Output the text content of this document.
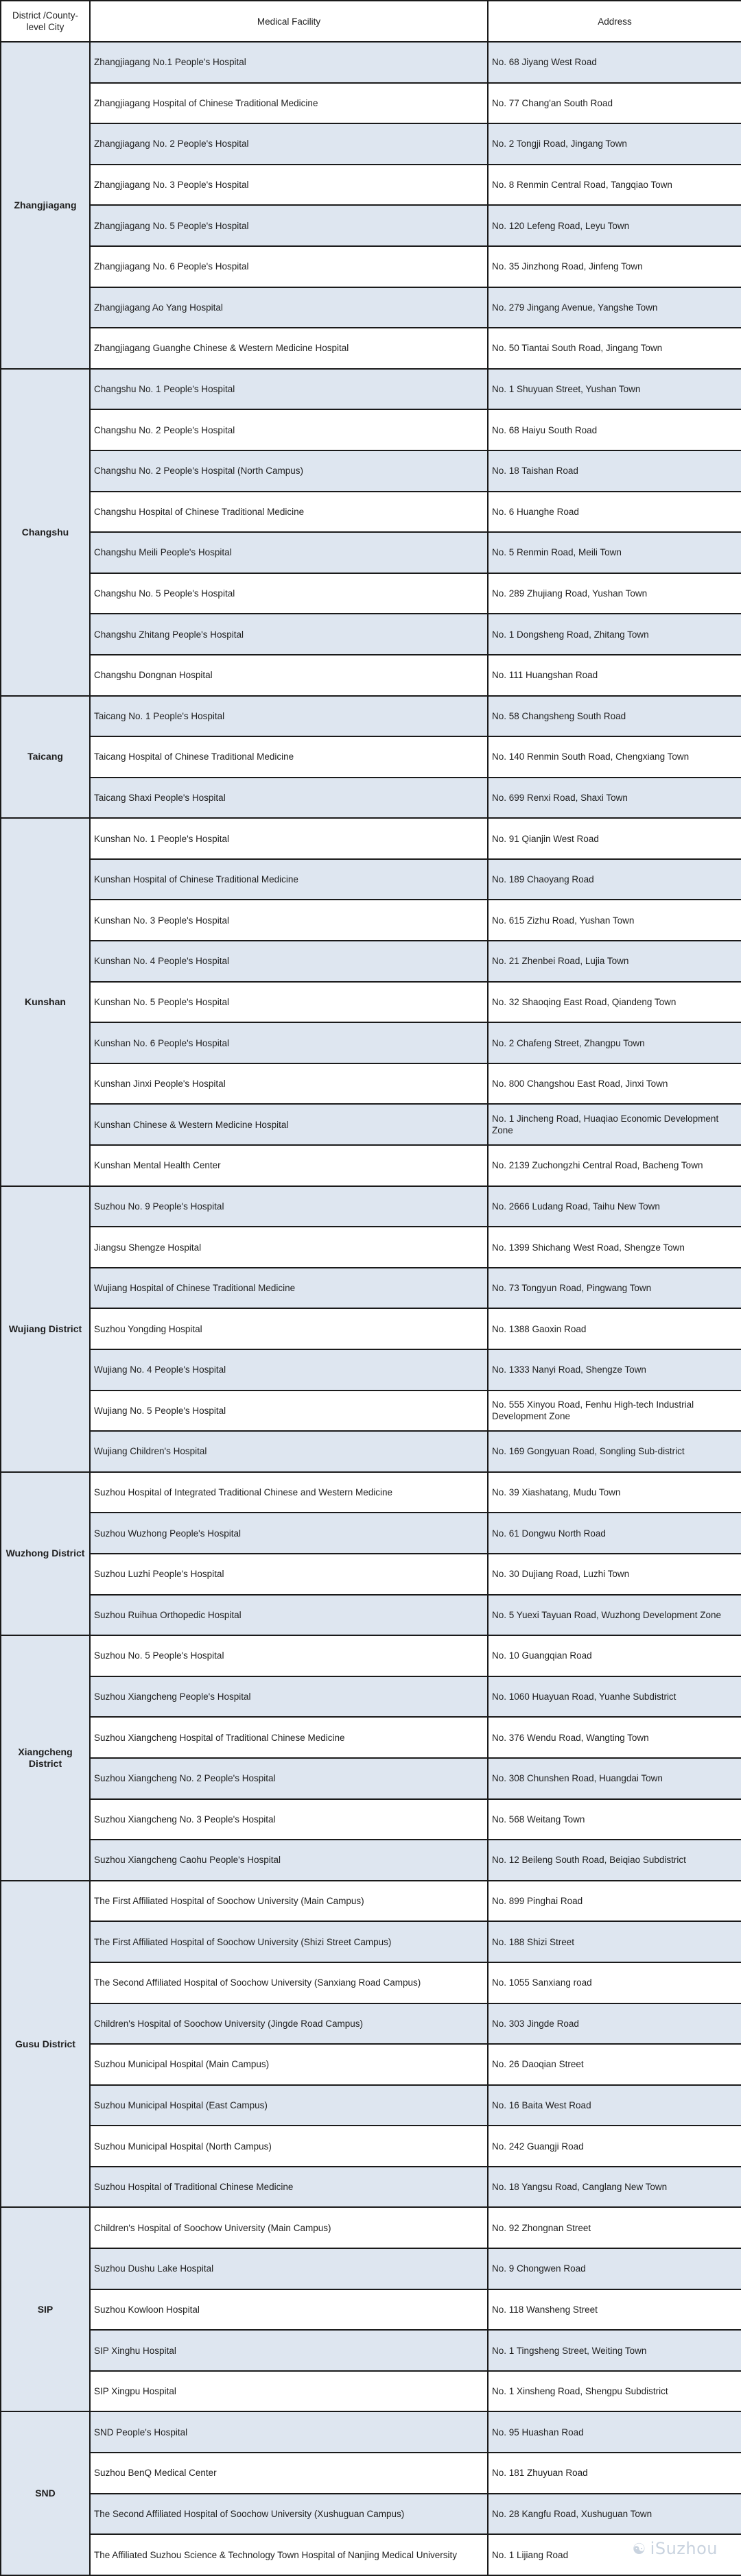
District /County-level City	Medical Facility	Address
Zhangjiagang	Zhangjiagang No.1 People's Hospital	No. 68 Jiyang West Road
	Zhangjiagang Hospital of Chinese Traditional Medicine	No. 77 Chang'an South Road
	Zhangjiagang No. 2 People's Hospital	No. 2 Tongji Road, Jingang Town
	Zhangjiagang No. 3 People's Hospital	No. 8 Renmin Central Road, Tangqiao Town
	Zhangjiagang No. 5 People's Hospital	No. 120 Lefeng Road, Leyu Town
	Zhangjiagang No. 6 People's Hospital	No. 35 Jinzhong Road, Jinfeng Town
	Zhangjiagang Ao Yang Hospital	No. 279 Jingang Avenue, Yangshe Town
	Zhangjiagang Guanghe Chinese & Western Medicine Hospital	No. 50 Tiantai South Road, Jingang Town
Changshu	Changshu No. 1 People's Hospital	No. 1 Shuyuan Street, Yushan Town
	Changshu No. 2 People's Hospital	No. 68 Haiyu South Road
	Changshu No. 2 People's Hospital (North Campus)	No. 18 Taishan Road
	Changshu Hospital of Chinese Traditional Medicine	No. 6 Huanghe Road
	Changshu Meili People's Hospital	No. 5 Renmin Road, Meili Town
	Changshu No. 5 People's Hospital	No. 289 Zhujiang Road, Yushan Town
	Changshu Zhitang People's Hospital	No. 1 Dongsheng Road, Zhitang Town
	Changshu Dongnan Hospital	No. 111 Huangshan Road
Taicang	Taicang No. 1 People's Hospital	No. 58 Changsheng South Road
	Taicang Hospital of Chinese Traditional Medicine	No. 140 Renmin South Road, Chengxiang Town
	Taicang Shaxi People's Hospital	No. 699 Renxi Road, Shaxi Town
Kunshan	Kunshan No. 1 People's Hospital	No. 91 Qianjin West Road
	Kunshan Hospital of Chinese Traditional Medicine	No. 189 Chaoyang Road
	Kunshan No. 3 People's Hospital	No. 615 Zizhu Road, Yushan Town
	Kunshan No. 4 People's Hospital	No. 21 Zhenbei Road, Lujia Town
	Kunshan No. 5 People's Hospital	No. 32 Shaoqing East Road, Qiandeng Town
	Kunshan No. 6 People's Hospital	No. 2 Chafeng Street, Zhangpu Town
	Kunshan Jinxi People's Hospital	No. 800 Changshou East Road, Jinxi Town
	Kunshan Chinese & Western Medicine Hospital	No. 1 Jincheng Road, Huaqiao Economic Development Zone
	Kunshan Mental Health Center	No. 2139 Zuchongzhi Central Road, Bacheng Town
Wujiang District	Suzhou No. 9 People's Hospital	No. 2666 Ludang Road, Taihu New Town
	Jiangsu Shengze Hospital	No. 1399 Shichang West Road, Shengze Town
	Wujiang Hospital of Chinese Traditional Medicine	No. 73 Tongyun Road, Pingwang Town
	Suzhou Yongding Hospital	No. 1388 Gaoxin Road
	Wujiang No. 4 People's Hospital	No. 1333 Nanyi Road, Shengze Town
	Wujiang No. 5 People's Hospital	No. 555 Xinyou Road, Fenhu High-tech Industrial Development Zone
	Wujiang Children's Hospital	No. 169 Gongyuan Road, Songling Sub-district
Wuzhong District	Suzhou Hospital of Integrated Traditional Chinese and Western Medicine	No. 39 Xiashatang, Mudu Town
	Suzhou Wuzhong People's Hospital	No. 61 Dongwu North Road
	Suzhou Luzhi People's Hospital	No. 30 Dujiang Road, Luzhi Town
	Suzhou Ruihua Orthopedic Hospital	No. 5 Yuexi Tayuan Road, Wuzhong Development Zone
Xiangcheng District	Suzhou No. 5 People's Hospital	No. 10 Guangqian Road
	Suzhou Xiangcheng People's Hospital	No. 1060 Huayuan Road, Yuanhe Subdistrict
	Suzhou Xiangcheng Hospital of Traditional Chinese Medicine	No. 376 Wendu Road, Wangting Town
	Suzhou Xiangcheng No. 2 People's Hospital	No. 308 Chunshen Road, Huangdai Town
	Suzhou Xiangcheng No. 3 People's Hospital	No. 568 Weitang Town
	Suzhou Xiangcheng Caohu People's Hospital	No. 12 Beileng South Road, Beiqiao Subdistrict
Gusu District	The First Affiliated Hospital of Soochow University (Main Campus)	No. 899 Pinghai Road
	The First Affiliated Hospital of Soochow University (Shizi Street Campus)	No. 188 Shizi Street
	The Second Affiliated Hospital of Soochow University (Sanxiang Road Campus)	No. 1055 Sanxiang road
	Children's Hospital of Soochow University (Jingde Road Campus)	No. 303 Jingde Road
	Suzhou Municipal Hospital (Main Campus)	No. 26 Daoqian Street
	Suzhou Municipal Hospital (East Campus)	No. 16 Baita West Road
	Suzhou Municipal Hospital (North Campus)	No. 242 Guangji Road
	Suzhou Hospital of Traditional Chinese Medicine	No. 18 Yangsu Road, Canglang New Town
SIP	Children's Hospital of Soochow University (Main Campus)	No. 92 Zhongnan Street
	Suzhou Dushu Lake Hospital	No. 9 Chongwen Road
	Suzhou Kowloon Hospital	No. 118 Wansheng Street
	SIP Xinghu Hospital	No. 1 Tingsheng Street, Weiting Town
	SIP Xingpu Hospital	No. 1 Xinsheng Road, Shengpu Subdistrict
SND	SND People's Hospital	No. 95 Huashan Road
	Suzhou BenQ Medical Center	No. 181 Zhuyuan Road
	The Second Affiliated Hospital of Soochow University (Xushuguan Campus)	No. 28 Kangfu Road, Xushuguan Town
	The Affiliated Suzhou Science & Technology Town Hospital of Nanjing Medical University	No. 1 Lijiang Road	☯ iSuzhou
